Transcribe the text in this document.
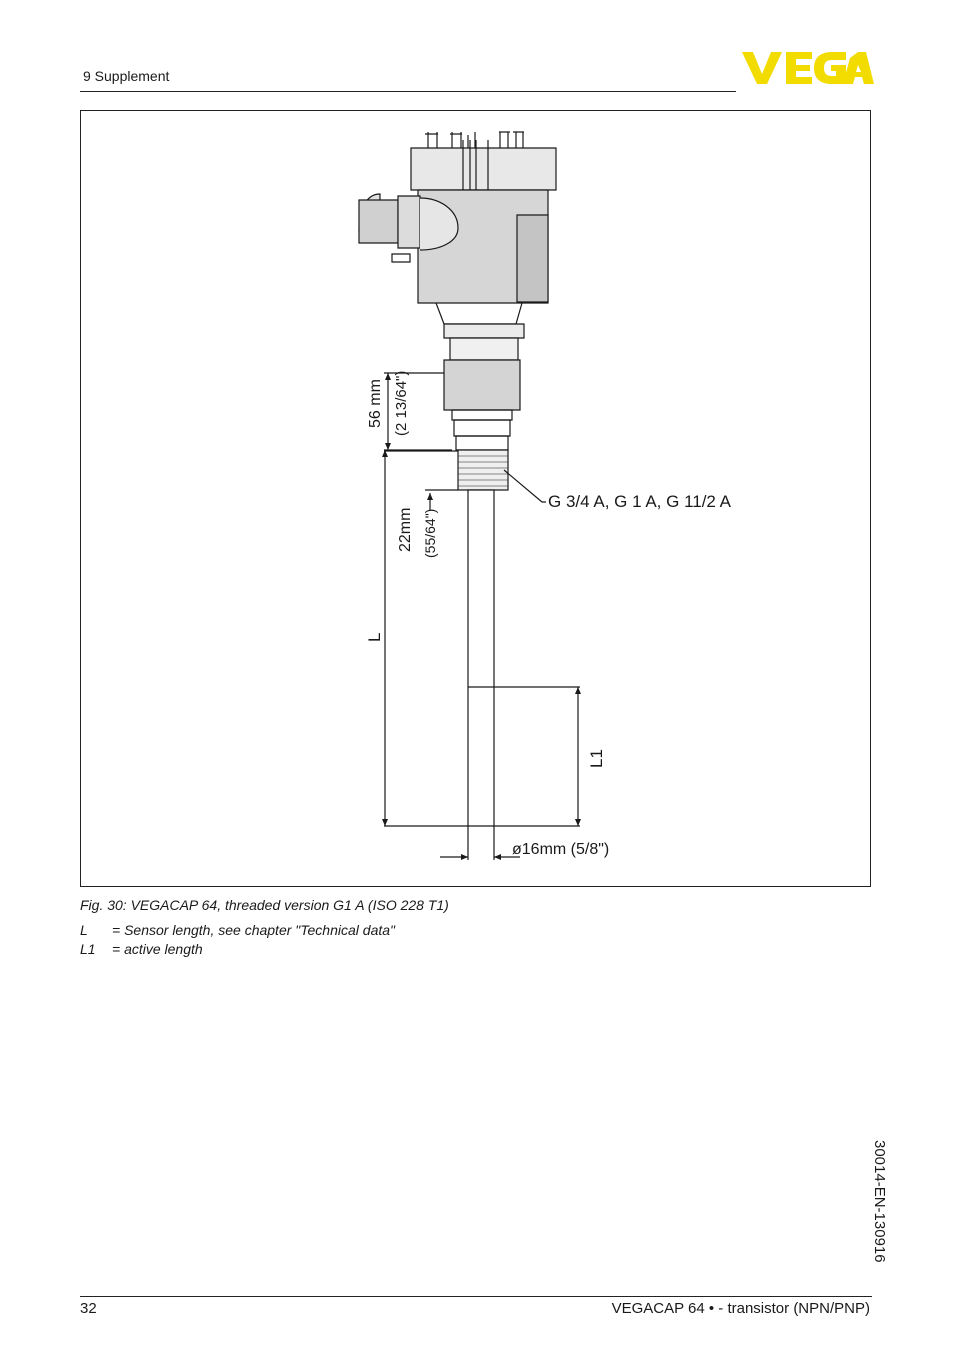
9 Supplement
56 mm (2 13/64")
22mm (55/64")
L
L1
G 3/4 A, G 1 A, G 11/2 A
ø16mm (5/8")
Fig. 30: VEGACAP 64, threaded version G1 A (ISO 228 T1)
L = Sensor length, see chapter "Technical data"
L1 = active length
30014-EN-130916
32	VEGACAP 64 • - transistor (NPN/PNP)
